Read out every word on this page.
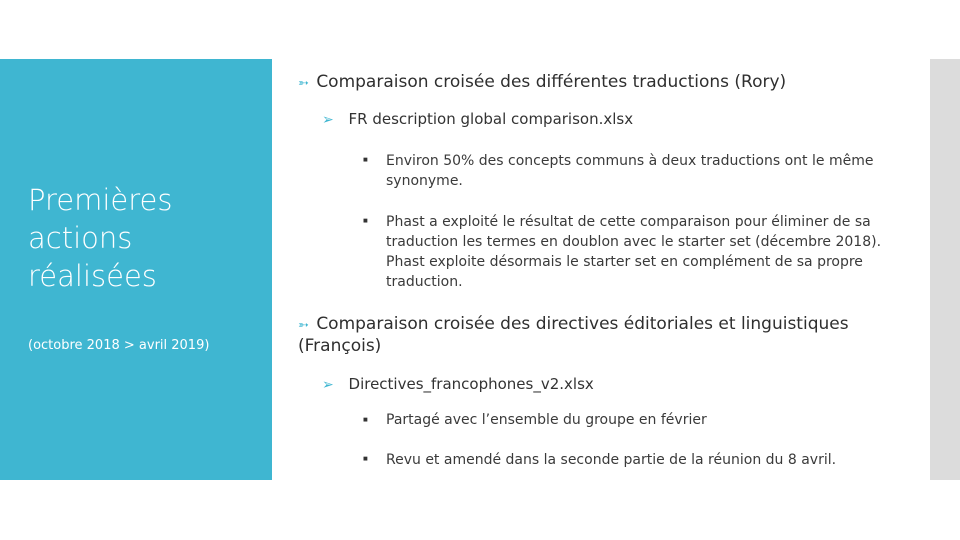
Premières actions réalisées
(octobre 2018 > avril 2019)
➳ Comparaison croisée des différentes traductions (Rory)
➢ FR description global comparison.xlsx
■ Environ 50% des concepts communs à deux traductions ont le même synonyme.
■ Phast a exploité le résultat de cette comparaison pour éliminer de sa traduction les termes en doublon avec le starter set (décembre 2018). Phast exploite désormais le starter set en complément de sa propre traduction.
➳ Comparaison croisée des directives éditoriales et linguistiques (François)
➢ Directives_francophones_v2.xlsx
■ Partagé avec l’ensemble du groupe en février
■ Revu et amendé dans la seconde partie de la réunion du 8 avril.
